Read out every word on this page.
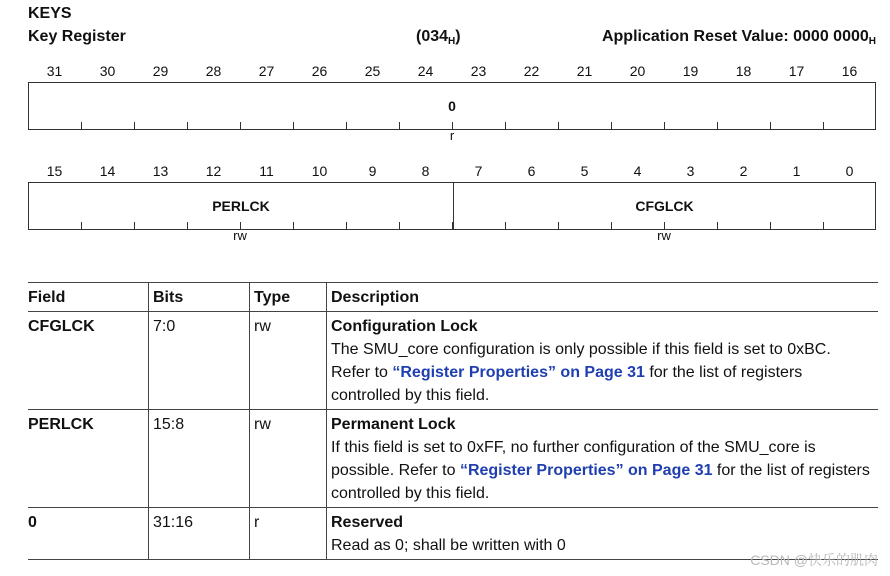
KEYS
Key Register	$(034_H)$	Application Reset Value: 0000 $0000_H$
31	30	29	28	27	26	25	24	23	22	21	20	19	18	17	16
0
r
15	14	13	12	11	10	9	8	7	6	5	4	3	2	1	0
PERLCK	CFGLCK
rw	rw
Field	Bits	Type	Description
CFGLCK	7:0	rw	Configuration Lock
The SMU_core configuration is only possible if this field is set to 0xBC. Refer to “Register Properties” on Page 31 for the list of registers controlled by this field.
PERLCK	15:8	rw	Permanent Lock
If this field is set to 0xFF, no further configuration of the SMU_core is possible. Refer to “Register Properties” on Page 31 for the list of registers controlled by this field.
0	31:16	r	Reserved
Read as 0; shall be written with 0
CSDN @快乐的肌肉
